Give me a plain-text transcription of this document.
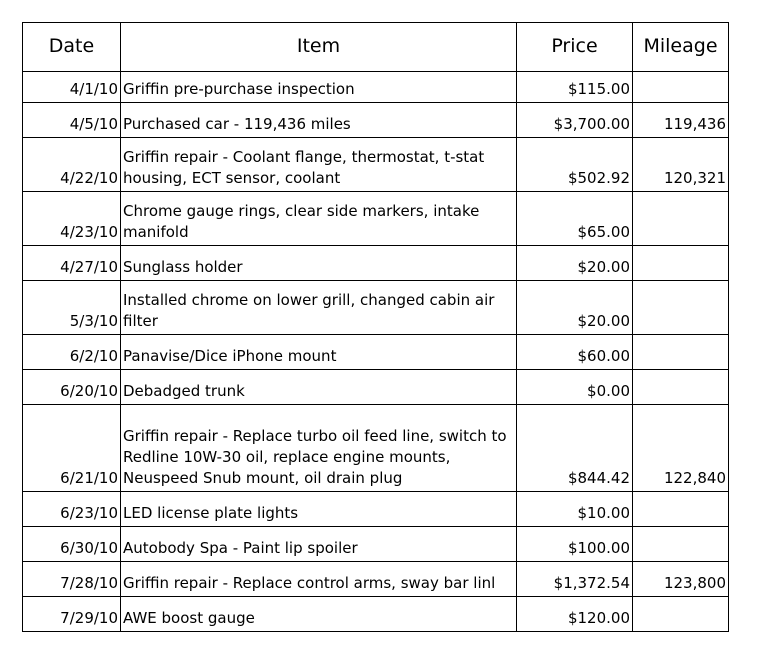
Date	Item	Price	Mileage
4/1/10	Griffin pre-purchase inspection	$115.00	
4/5/10	Purchased car - 119,436 miles	$3,700.00	119,436
4/22/10	Griffin repair - Coolant flange, thermostat, t-stat housing, ECT sensor, coolant	$502.92	120,321
4/23/10	Chrome gauge rings, clear side markers, intake manifold	$65.00	
4/27/10	Sunglass holder	$20.00	
5/3/10	Installed chrome on lower grill, changed cabin air filter	$20.00	
6/2/10	Panavise/Dice iPhone mount	$60.00	
6/20/10	Debadged trunk	$0.00	
6/21/10	Griffin repair - Replace turbo oil feed line, switch to Redline 10W-30 oil, replace engine mounts, Neuspeed Snub mount, oil drain plug	$844.42	122,840
6/23/10	LED license plate lights	$10.00	
6/30/10	Autobody Spa - Paint lip spoiler	$100.00	
7/28/10	Griffin repair - Replace control arms, sway bar linl	$1,372.54	123,800
7/29/10	AWE boost gauge	$120.00	
